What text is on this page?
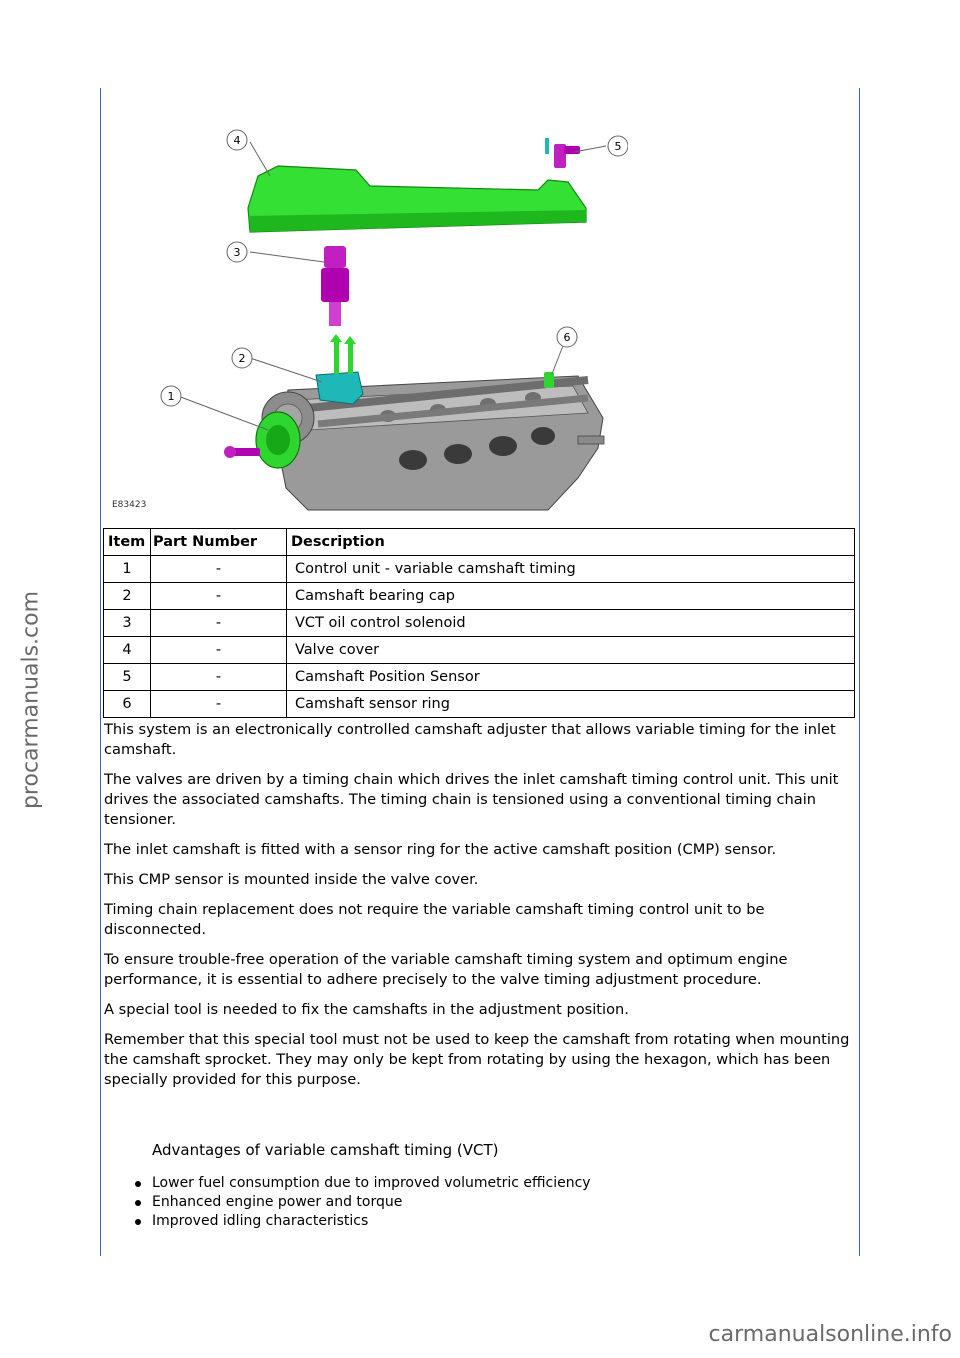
procarmanuals.com
1
2
3
4	5
6
E83423
Item	Part Number	Description
1	-	Control unit - variable camshaft timing
2	-	Camshaft bearing cap
3	-	VCT oil control solenoid
4	-	Valve cover
5	-	Camshaft Position Sensor
6	-	Camshaft sensor ring

This system is an electronically controlled camshaft adjuster that allows variable timing for the inlet camshaft.

The valves are driven by a timing chain which drives the inlet camshaft timing control unit. This unit drives the associated camshafts. The timing chain is tensioned using a conventional timing chain tensioner.

The inlet camshaft is fitted with a sensor ring for the active camshaft position (CMP) sensor.

This CMP sensor is mounted inside the valve cover.

Timing chain replacement does not require the variable camshaft timing control unit to be disconnected.

To ensure trouble-free operation of the variable camshaft timing system and optimum engine performance, it is essential to adhere precisely to the valve timing adjustment procedure.

A special tool is needed to fix the camshafts in the adjustment position.

Remember that this special tool must not be used to keep the camshaft from rotating when mounting the camshaft sprocket. They may only be kept from rotating by using the hexagon, which has been specially provided for this purpose.

Advantages of variable camshaft timing (VCT)
Lower fuel consumption due to improved volumetric efficiency
Enhanced engine power and torque
Improved idling characteristics
carmanualsonline.info
